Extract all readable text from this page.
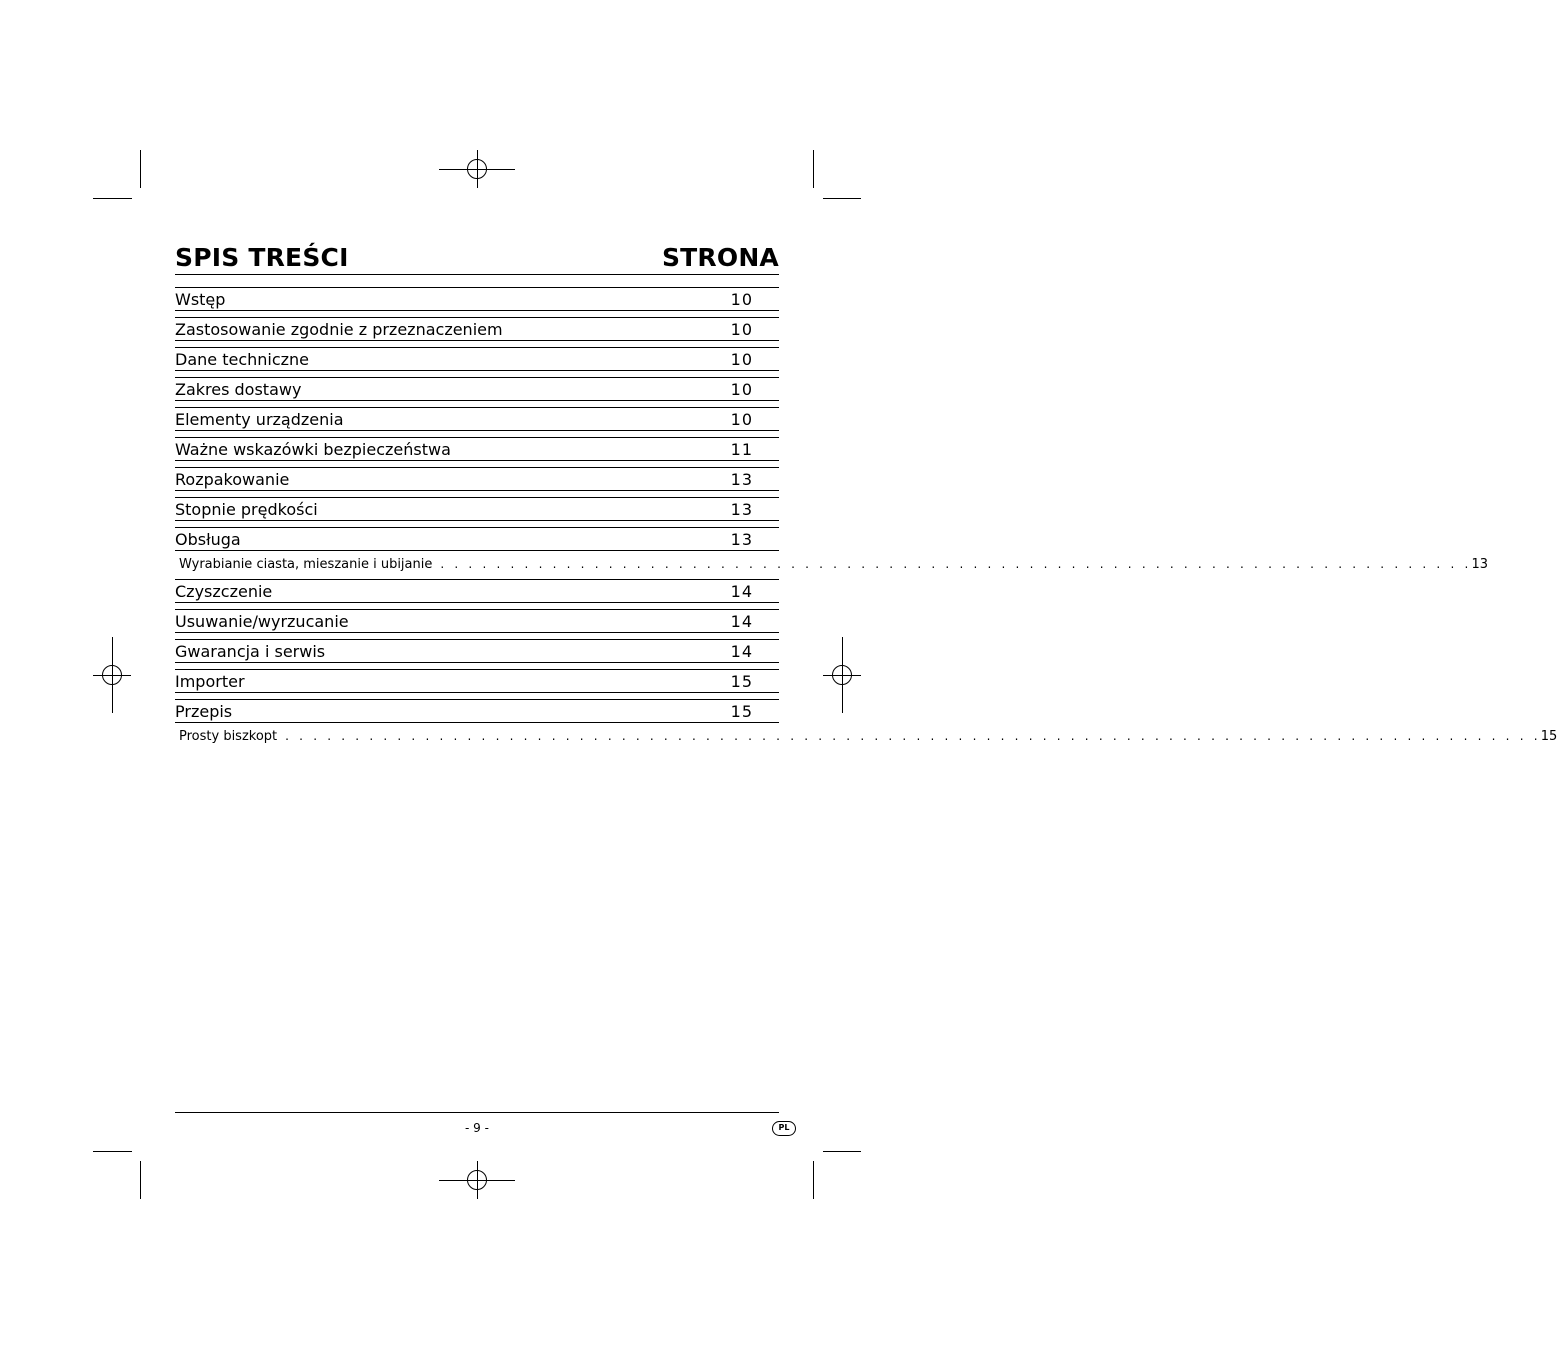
SPIS TREŚCI	STRONA
Wstęp	10
Zastosowanie zgodnie z przeznaczeniem	10
Dane techniczne	10
Zakres dostawy	10
Elementy urządzenia	10
Ważne wskazówki bezpieczeństwa	11
Rozpakowanie	13
Stopnie prędkości	13
Obsługa	13
Wyrabianie ciasta, mieszanie i ubijanie . . . . . . . . . . . . . . . . . . . . . . . . . . . . . . . . . . . . . . . . . . . . . . . . . . . . . . . . . . . . . . . . . . . . . . . . . . 13
Czyszczenie	14
Usuwanie/wyrzucanie	14
Gwarancja i serwis	14
Importer	15
Przepis	15
Prosty biszkopt . . . . . . . . . . . . . . . . . . . . . . . . . . . . . . . . . . . . . . . . . . . . . . . . . . . . . . . . . . . . . . . . . . . . . . . . . . . . . . . . . . . . . . . . . . 15
- 9 -	PL
